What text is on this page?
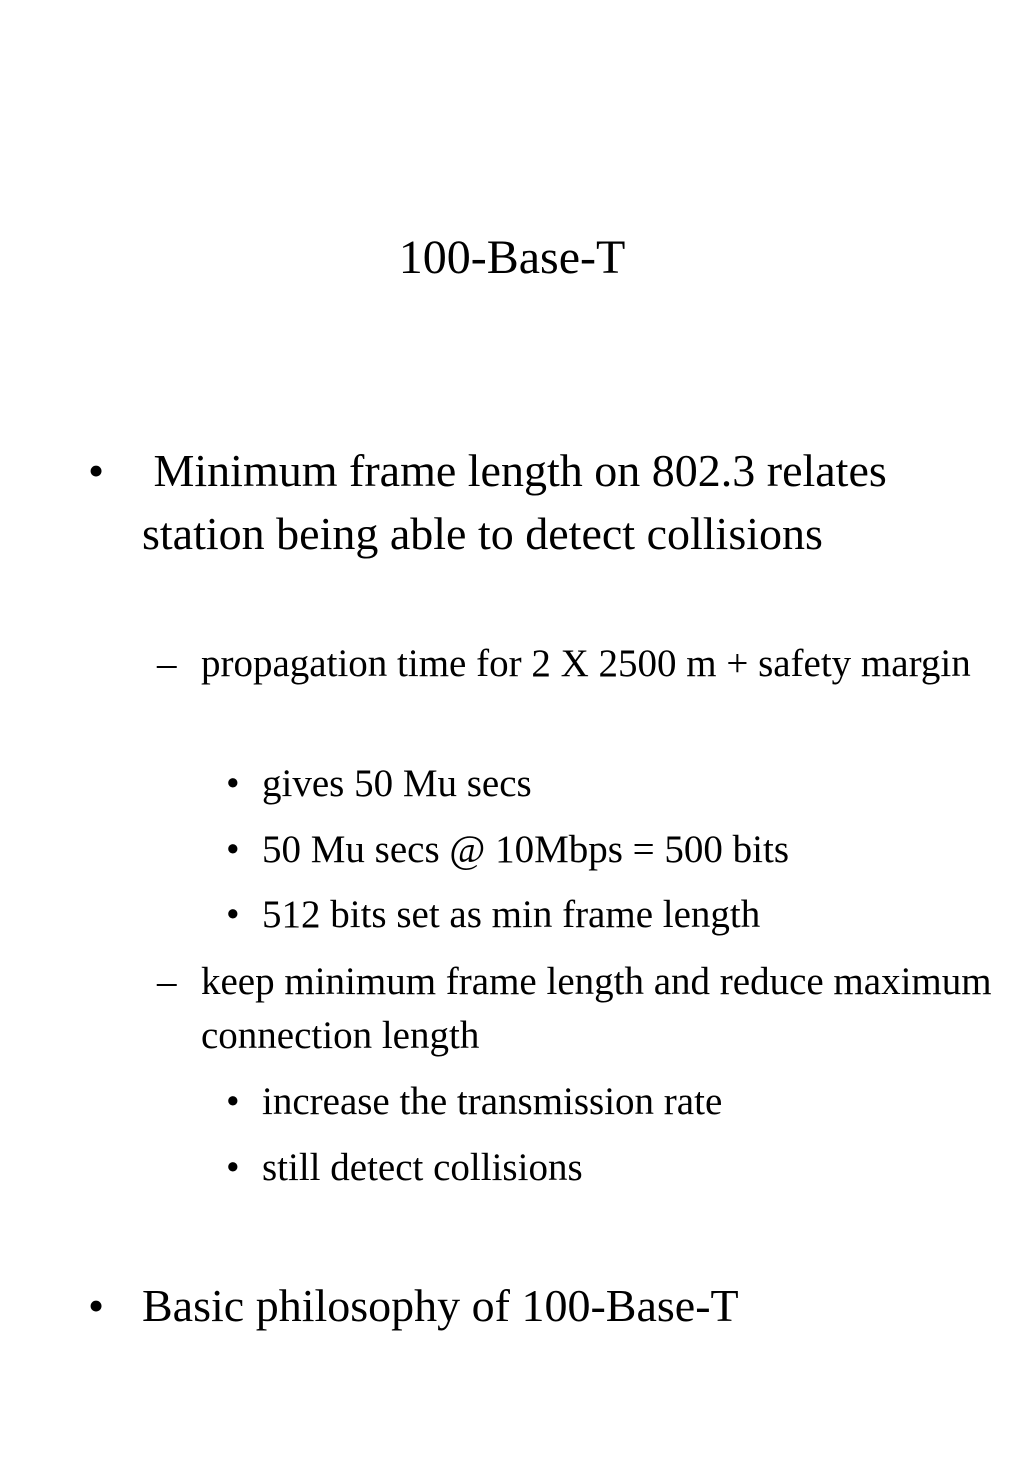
100-Base-T
• Minimum frame length on 802.3 relates station being able to detect collisions
– propagation time for 2 X 2500 m + safety margin
• gives 50 Mu secs
• 50 Mu secs @ 10Mbps = 500 bits
• 512 bits set as min frame length
– keep minimum frame length and reduce maximum connection length
• increase the transmission rate
• still detect collisions
• Basic philosophy of 100-Base-T
